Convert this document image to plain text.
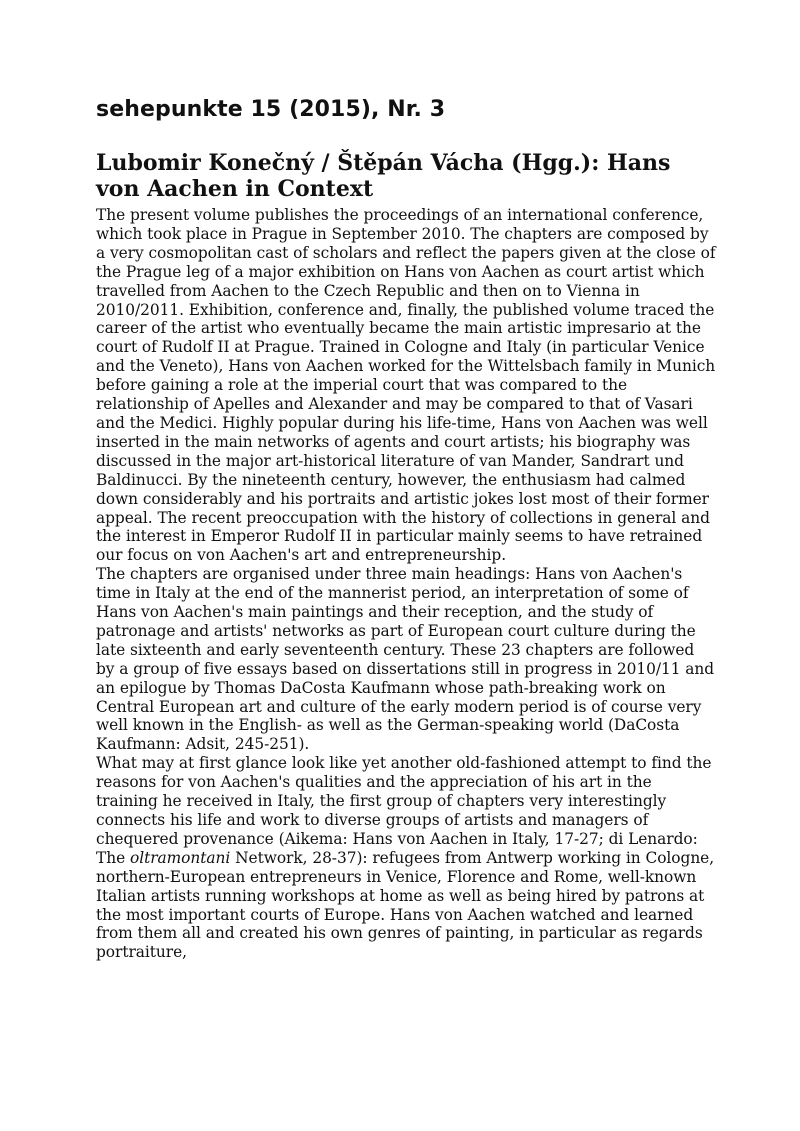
sehepunkte 15 (2015), Nr. 3
Lubomir Konečný / Štěpán Vácha (Hgg.): Hans von Aachen in Context

The present volume publishes the proceedings of an international conference, which took place in Prague in September 2010. The chapters are composed by a very cosmopolitan cast of scholars and reflect the papers given at the close of the Prague leg of a major exhibition on Hans von Aachen as court artist which travelled from Aachen to the Czech Republic and then on to Vienna in 2010/2011. Exhibition, conference and, finally, the published volume traced the career of the artist who eventually became the main artistic impresario at the court of Rudolf II at Prague. Trained in Cologne and Italy (in particular Venice and the Veneto), Hans von Aachen worked for the Wittelsbach family in Munich before gaining a role at the imperial court that was compared to the relationship of Apelles and Alexander and may be compared to that of Vasari and the Medici. Highly popular during his life-time, Hans von Aachen was well inserted in the main networks of agents and court artists; his biography was discussed in the major art-historical literature of van Mander, Sandrart und Baldinucci. By the nineteenth century, however, the enthusiasm had calmed down considerably and his portraits and artistic jokes lost most of their former appeal. The recent preoccupation with the history of collections in general and the interest in Emperor Rudolf II in particular mainly seems to have retrained our focus on von Aachen's art and entrepreneurship.

The chapters are organised under three main headings: Hans von Aachen's time in Italy at the end of the mannerist period, an interpretation of some of Hans von Aachen's main paintings and their reception, and the study of patronage and artists' networks as part of European court culture during the late sixteenth and early seventeenth century. These 23 chapters are followed by a group of five essays based on dissertations still in progress in 2010/11 and an epilogue by Thomas DaCosta Kaufmann whose path-breaking work on Central European art and culture of the early modern period is of course very well known in the English- as well as the German-speaking world (DaCosta Kaufmann: Adsit, 245-251).

What may at first glance look like yet another old-fashioned attempt to find the reasons for von Aachen's qualities and the appreciation of his art in the training he received in Italy, the first group of chapters very interestingly connects his life and work to diverse groups of artists and managers of chequered provenance (Aikema: Hans von Aachen in Italy, 17-27; di Lenardo: The oltramontani Network, 28-37): refugees from Antwerp working in Cologne, northern-European entrepreneurs in Venice, Florence and Rome, well-known Italian artists running workshops at home as well as being hired by patrons at the most important courts of Europe. Hans von Aachen watched and learned from them all and created his own genres of painting, in particular as regards portraiture,
